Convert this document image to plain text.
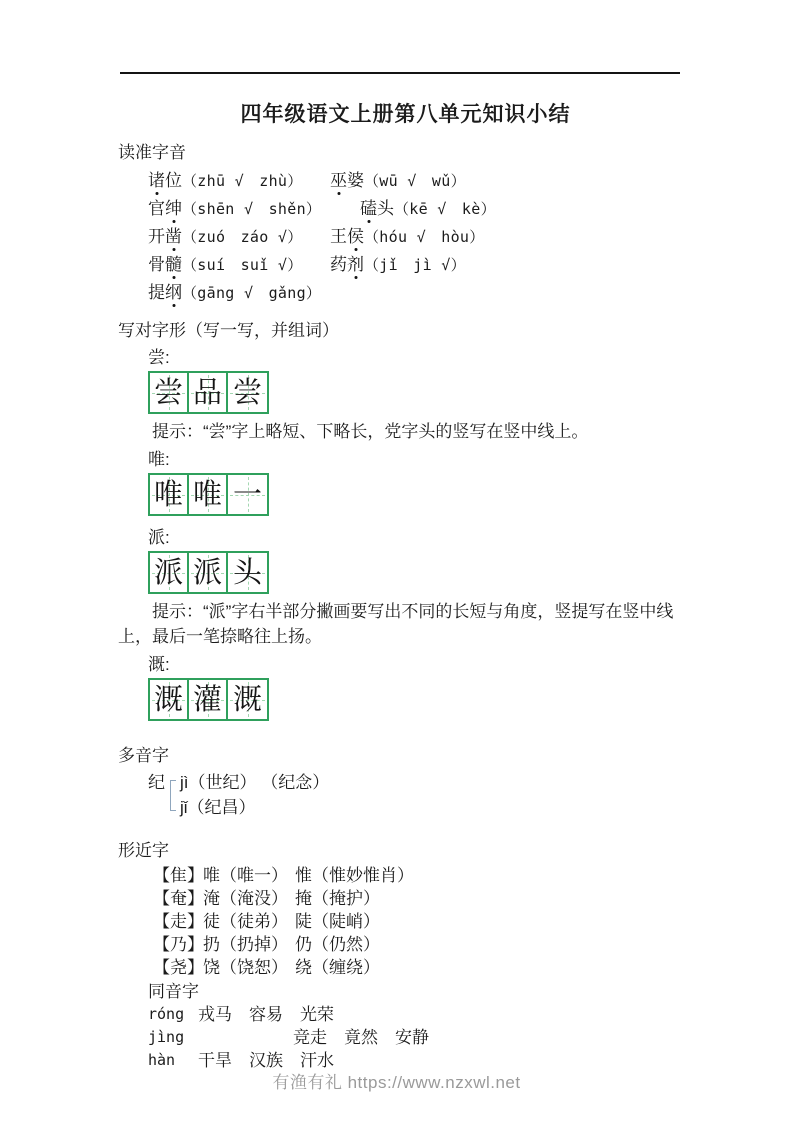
四年级语文上册第八单元知识小结
读准字音
诸位（zhū √　zhù）	巫婆（wū √　wǔ）
官绅（shēn √　shěn）	磕头（kē √　kè）
开凿（zuó　záo √）	王侯（hóu √　hòu）
骨髓（suí　suǐ √）	药剂（jǐ　jì √）
提纲（gāng √　gǎng）
写对字形（写一写，并组词）
尝:
尝 品 尝

提示：“尝”字上略短、下略长，党字头的竖写在竖中线上。

唯:
唯 唯 一
派:
派 派 头

提示：“派”字右半部分撇画要写出不同的长短与角度，竖提写在竖中线上，最后一笔捺略往上扬。

溉:
溉 灌 溉
多音字
纪 jì（世纪） （纪念）
jǐ（纪昌）
形近字
【隹】 唯（唯一） 惟（惟妙惟肖）
【奄】 淹（淹没） 掩（掩护）
【走】 徒（徒弟） 陡（陡峭）
【乃】 扔（扔掉） 仍（仍然）
【尧】 饶（饶恕） 绕（缠绕）
同音字
róng 戎马　容易　光荣
jìng	竞走　竟然　安静
hàn	干旱　汉族　汗水
有渔有礼 https://www.nzxwl.net
